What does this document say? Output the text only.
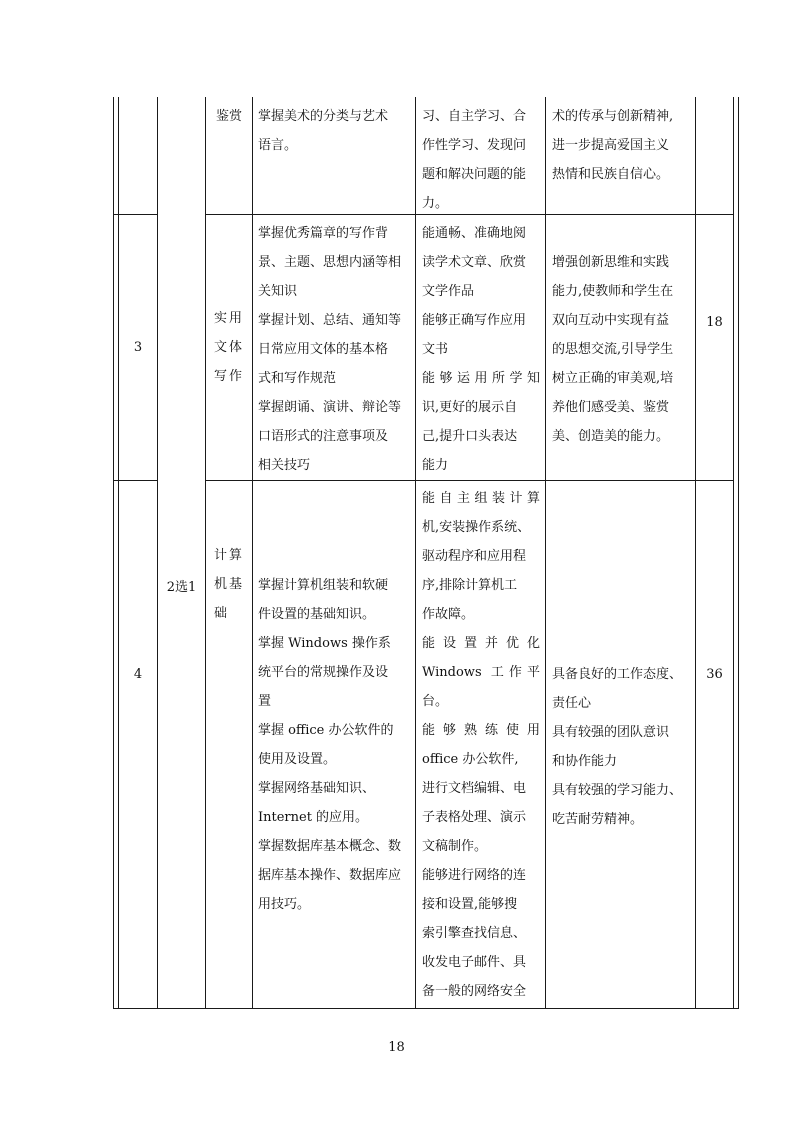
鉴赏	掌握美术的分类与艺术

语言。

习、自主学习、合

作性学习、发现问

题和解决问题的能

力。

术的传承与创新精神,

进一步提高爱国主义

热情和民族自信心。

3
2选1

实用

文体

写作

掌握优秀篇章的写作背

景、主题、思想内涵等相

关知识

掌握计划、总结、通知等

日常应用文体的基本格

式和写作规范

掌握朗诵、演讲、辩论等

口语形式的注意事项及

相关技巧

能通畅、准确地阅

读学术文章、欣赏

文学作品

能够正确写作应用

文书

能够运用所学知

识,更好的展示自

己,提升口头表达

能力

增强创新思维和实践

能力,使教师和学生在

双向互动中实现有益

的思想交流,引导学生

树立正确的审美观,培

养他们感受美、鉴赏

美、创造美的能力。

18
4

计算

机基

础

掌握计算机组装和软硬

件设置的基础知识。

掌握 Windows 操作系

统平台的常规操作及设

置

掌握 office 办公软件的

使用及设置。

掌握网络基础知识、

Internet 的应用。

掌握数据库基本概念、数

据库基本操作、数据库应

用技巧。

能自主组装计算

机,安装操作系统、

驱动程序和应用程

序,排除计算机工

作故障。

能设置并优化

Windows 工作平

台。

能够熟练使用

office 办公软件,

进行文档编辑、电

子表格处理、演示

文稿制作。

能够进行网络的连

接和设置,能够搜

索引擎查找信息、

收发电子邮件、具

备一般的网络安全

具备良好的工作态度、

责任心

具有较强的团队意识

和协作能力

具有较强的学习能力、

吃苦耐劳精神。

36
18
